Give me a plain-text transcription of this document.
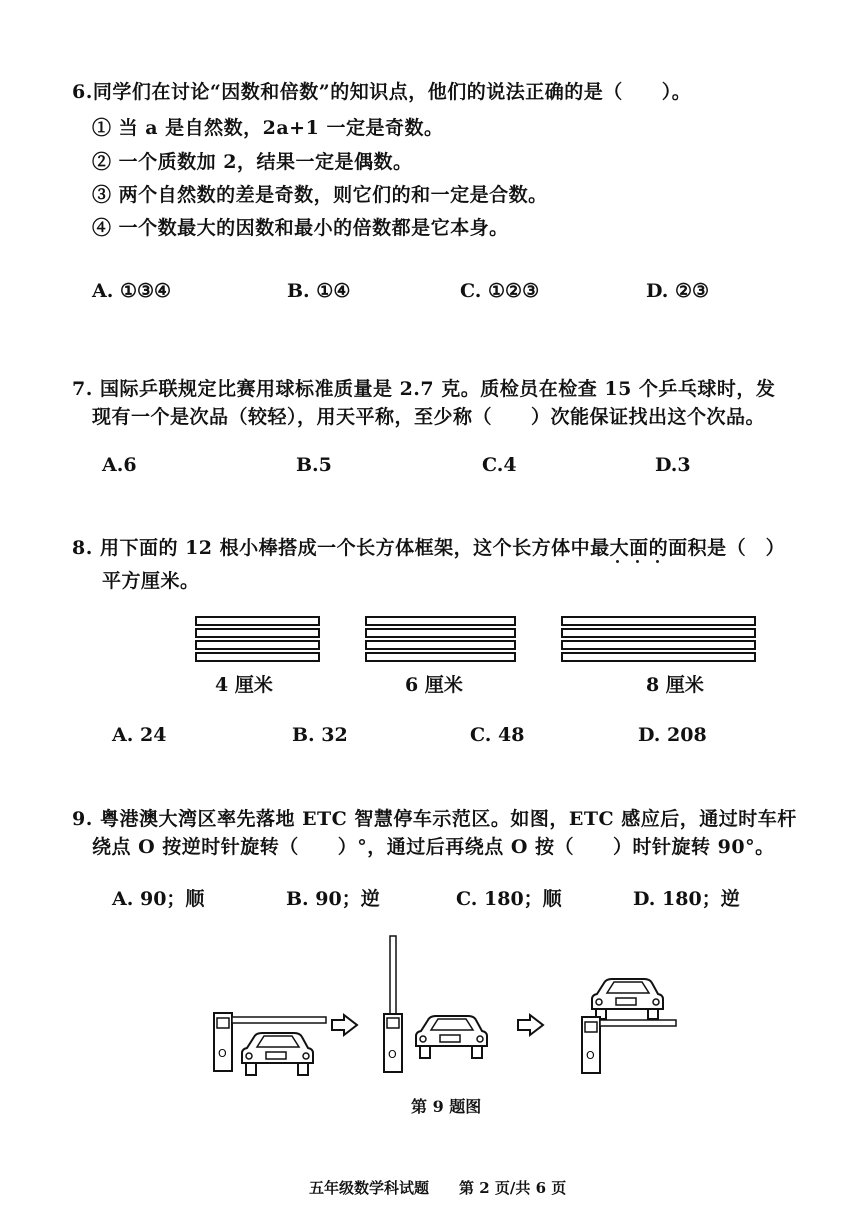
6.同学们在讨论“因数和倍数”的知识点，他们的说法正确的是（　　）。
① 当 a 是自然数，2a+1 一定是奇数。
② 一个质数加 2，结果一定是偶数。
③ 两个自然数的差是奇数，则它们的和一定是合数。
④ 一个数最大的因数和最小的倍数都是它本身。
A. ①③④	B. ①④	C. ①②③	D. ②③
7. 国际乒联规定比赛用球标准质量是 2.7 克。质检员在检查 15 个乒乓球时，发
现有一个是次品（较轻），用天平称，至少称（　　）次能保证找出这个次品。
A.6	B.5	C.4	D.3
8. 用下面的 12 根小棒搭成一个长方体框架，这个长方体中最大面的面积是（　）
平方厘米。
4 厘米	6 厘米	8 厘米
A. 24	B. 32	C. 48	D. 208
9. 粤港澳大湾区率先落地 ETC 智慧停车示范区。如图，ETC 感应后，通过时车杆
绕点 O 按逆时针旋转（　　）°，通过后再绕点 O 按（　　）时针旋转 90°。
A. 90；顺	B. 90；逆	C. 180；顺	D. 180；逆
O	O	O
第 9 题图
五年级数学科试题 第 2 页/共 6 页
